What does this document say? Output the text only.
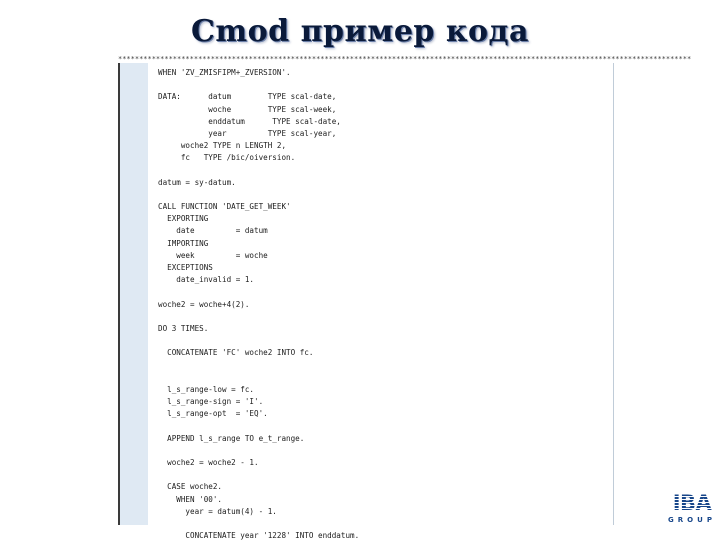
Cmod пример кода
****************************************************************************************************************************************
WHEN 'ZV_ZMISFIPM+_ZVERSION'.
DATA:      datum        TYPE scal-date,
woche        TYPE scal-week,
enddatum      TYPE scal-date,
year         TYPE scal-year,
woche2 TYPE n LENGTH 2,
fc   TYPE /bic/oiversion.
datum = sy-datum.
CALL FUNCTION 'DATE_GET_WEEK'
EXPORTING
date         = datum
IMPORTING
week         = woche
EXCEPTIONS
date_invalid = 1.
woche2 = woche+4(2).
DO 3 TIMES.
CONCATENATE 'FC' woche2 INTO fc.
l_s_range-low = fc.
l_s_range-sign = 'I'.
l_s_range-opt  = 'EQ'.
APPEND l_s_range TO e_t_range.
woche2 = woche2 - 1.
CASE woche2.
WHEN '00'.
year = datum(4) - 1.
CONCATENATE year '1228' INTO enddatum.
IBA
GROUP
